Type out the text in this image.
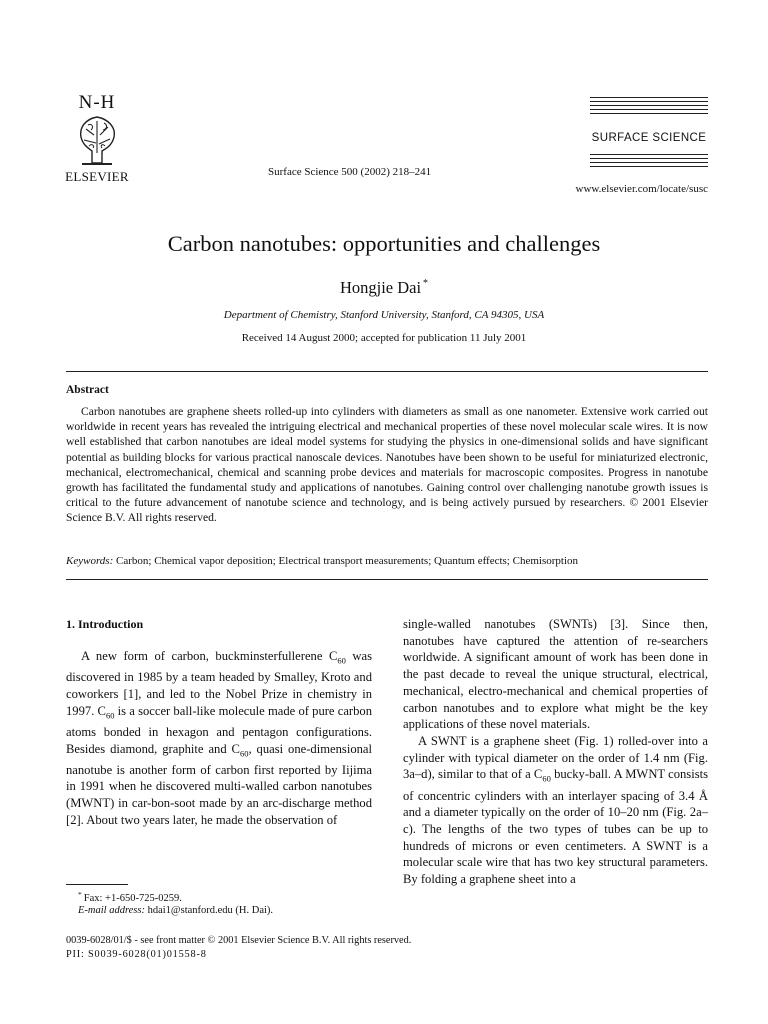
N-H
ELSEVIER	Surface Science 500 (2002) 218–241
SURFACE SCIENCE
www.elsevier.com/locate/susc
Carbon nanotubes: opportunities and challenges
Hongjie Dai *
Department of Chemistry, Stanford University, Stanford, CA 94305, USA
Received 14 August 2000; accepted for publication 11 July 2001
Abstract
Carbon nanotubes are graphene sheets rolled-up into cylinders with diameters as small as one nanometer. Extensive work carried out worldwide in recent years has revealed the intriguing electrical and mechanical properties of these novel molecular scale wires. It is now well established that carbon nanotubes are ideal model systems for studying the physics in one-dimensional solids and have significant potential as building blocks for various practical nanoscale devices. Nanotubes have been shown to be useful for miniaturized electronic, mechanical, electromechanical, chemical and scanning probe devices and materials for macroscopic composites. Progress in nanotube growth has facilitated the fundamental study and applications of nanotubes. Gaining control over challenging nanotube growth issues is critical to the future advancement of nanotube science and technology, and is being actively pursued by researchers. © 2001 Elsevier Science B.V. All rights reserved.
Keywords: Carbon; Chemical vapor deposition; Electrical transport measurements; Quantum effects; Chemisorption
1. Introduction

A new form of carbon, buckminsterfullerene $C_{60}$ was discovered in 1985 by a team headed by Smalley, Kroto and coworkers [1], and led to the Nobel Prize in chemistry in 1997. $C_{60}$ is a soccer ball-like molecule made of pure carbon atoms bonded in hexagon and pentagon configurations. Besides diamond, graphite and $C_{60}$, quasi one-dimensional nanotube is another form of carbon first reported by Iijima in 1991 when he discovered multi-walled carbon nanotubes (MWNT) in car-bon-soot made by an arc-discharge method [2]. About two years later, he made the observation of

single-walled nanotubes (SWNTs) [3]. Since then, nanotubes have captured the attention of re-searchers worldwide. A significant amount of work has been done in the past decade to reveal the unique structural, electrical, mechanical, electro-mechanical and chemical properties of carbon nanotubes and to explore what might be the key applications of these novel materials.

A SWNT is a graphene sheet (Fig. 1) rolled-over into a cylinder with typical diameter on the order of 1.4 nm (Fig. 3a–d), similar to that of a $C_{60}$ bucky-ball. A MWNT consists of concentric cylinders with an interlayer spacing of 3.4 Å and a diameter typically on the order of 10–20 nm (Fig. 2a–c). The lengths of the two types of tubes can be up to hundreds of microns or even centimeters. A SWNT is a molecular scale wire that has two key structural parameters. By folding a graphene sheet into a

* Fax: +1-650-725-0259.
E-mail address: hdai1@stanford.edu (H. Dai).
0039-6028/01/$ - see front matter © 2001 Elsevier Science B.V. All rights reserved.
PII: S0039-6028(01)01558-8
